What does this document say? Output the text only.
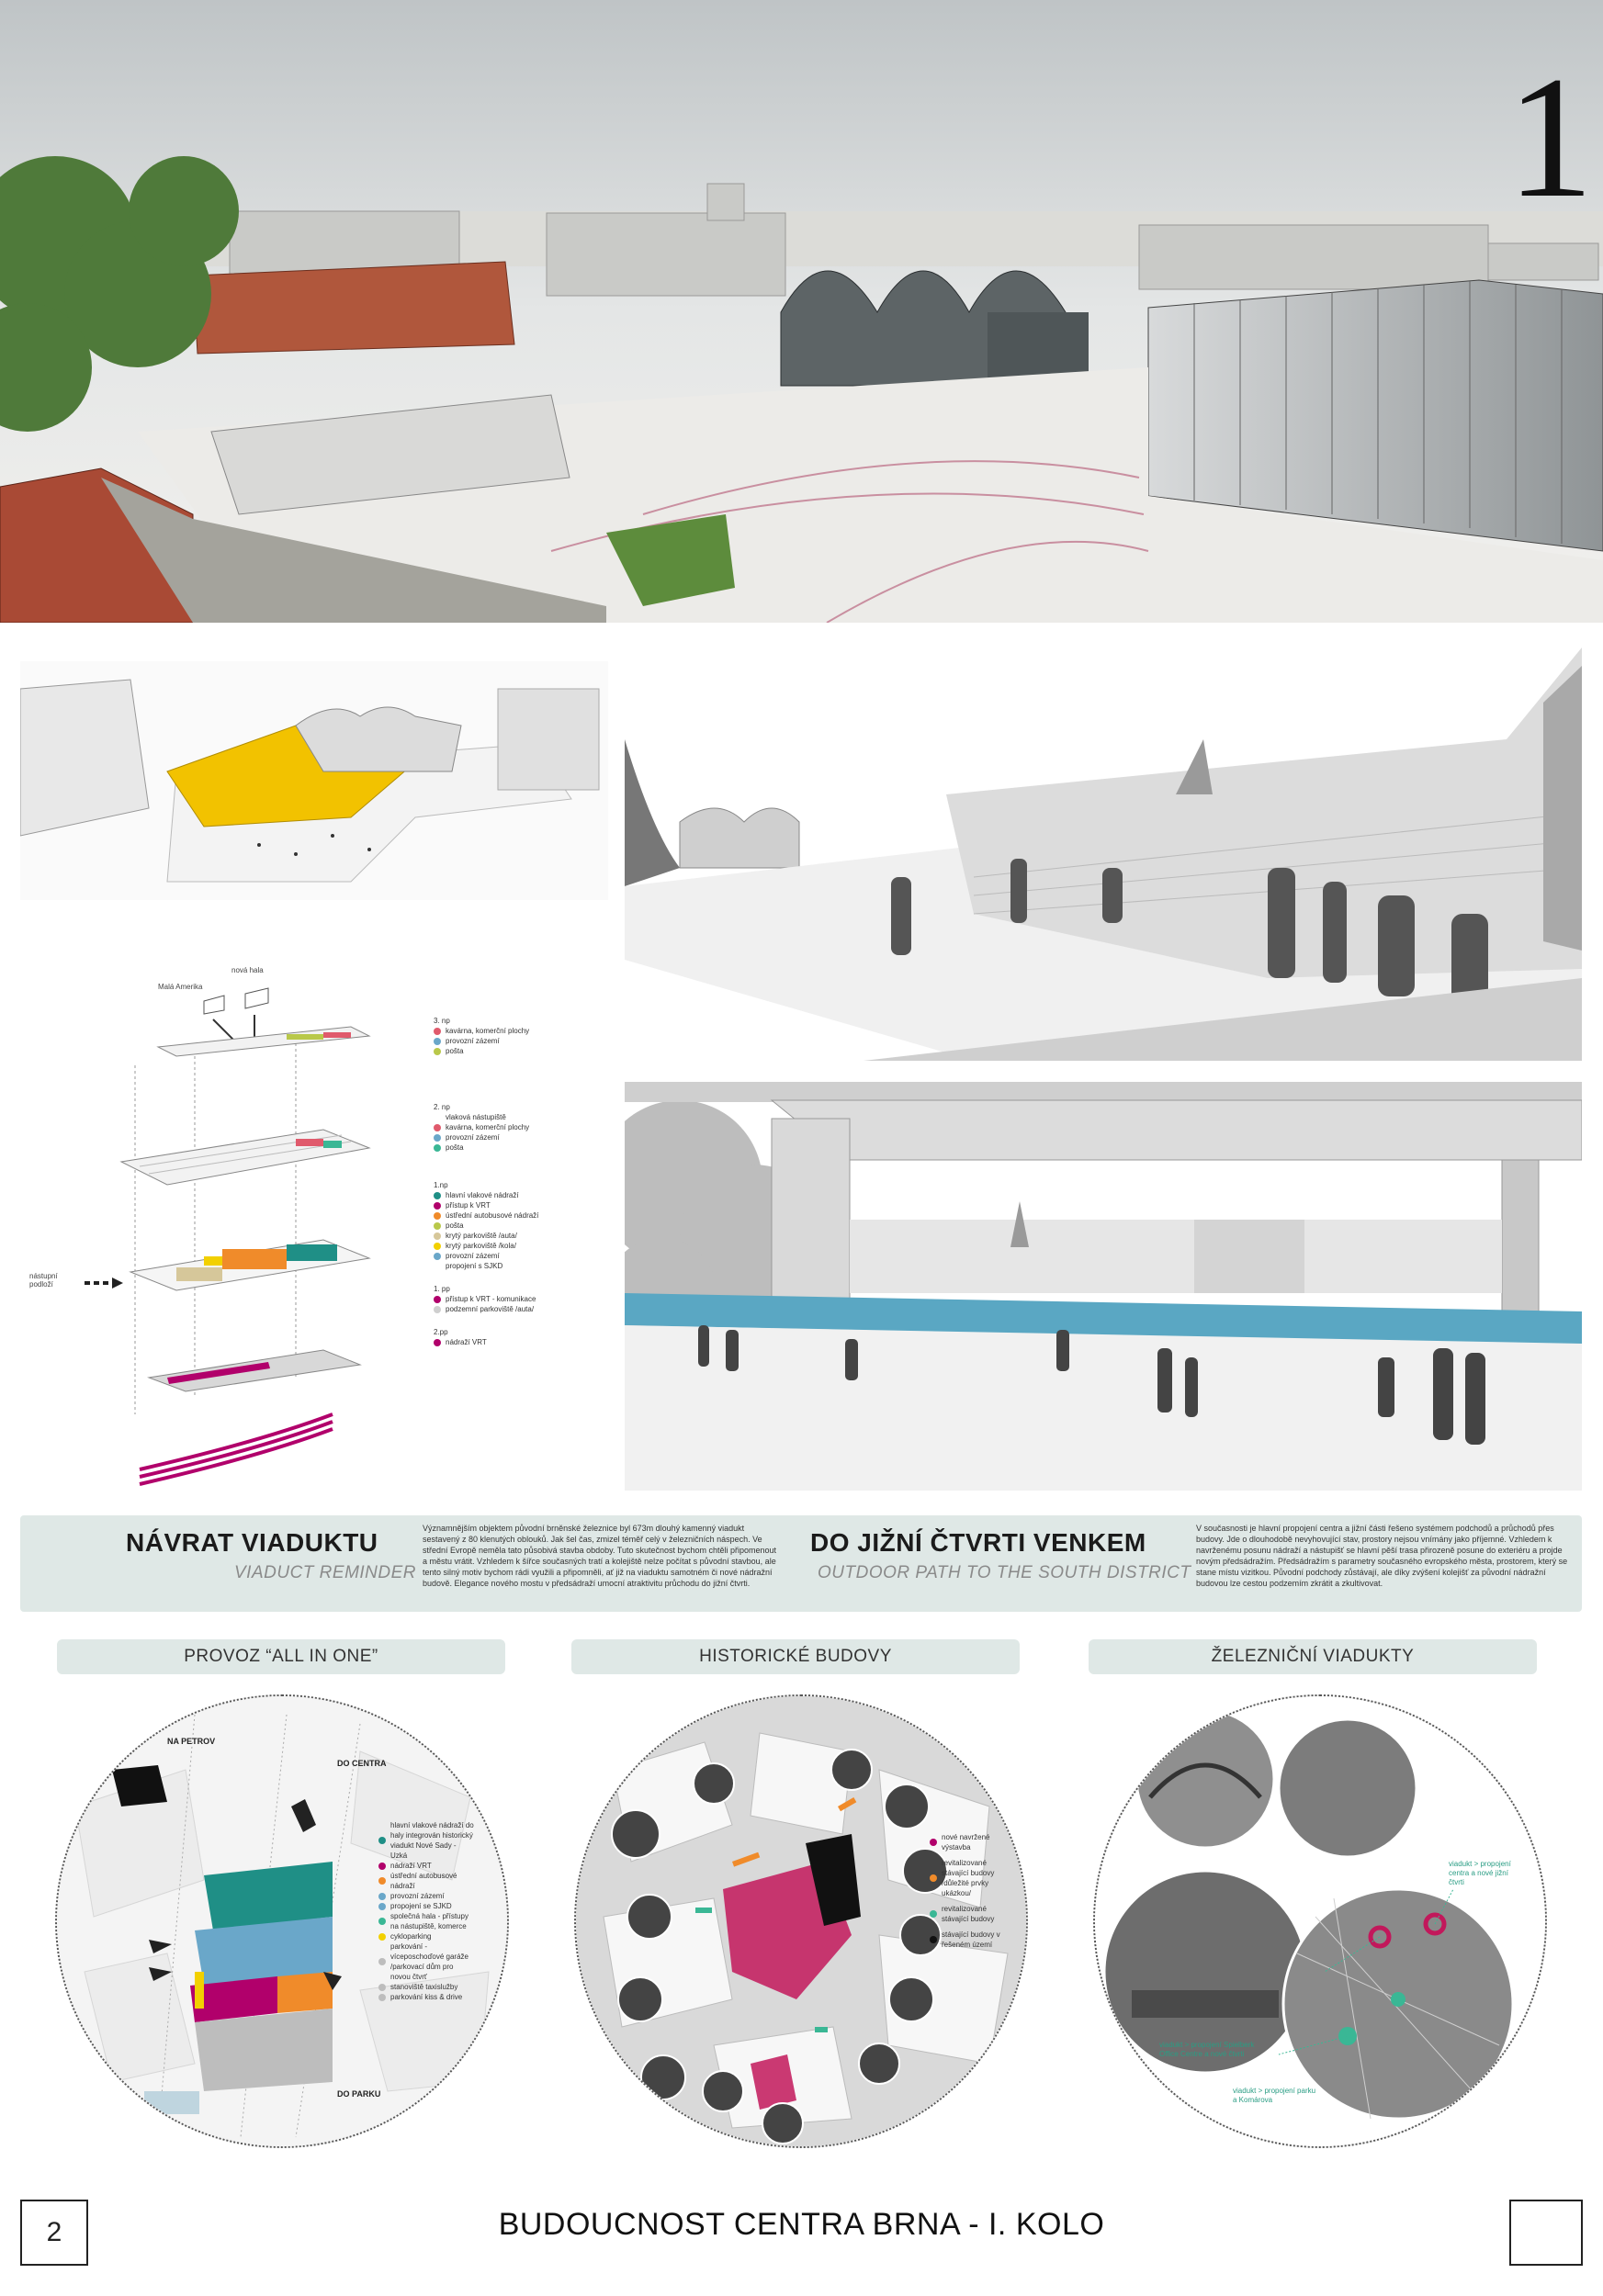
1
Malá Amerika
nová hala
nástupní podloží
3. np
kavárna, komerční plochy
provozní zázemí
pošta
2. np
vlaková nástupiště
kavárna, komerční plochy
provozní zázemí
pošta
1.np
hlavní vlakové nádraží
přístup k VRT
ústřední autobusové nádraží
pošta
krytý parkoviště /auta/
krytý parkoviště /kola/
provozní zázemí
propojení s SJKD
1. pp
přístup k VRT - komunikace
podzemní parkoviště /auta/
2.pp
nádraží VRT
NÁVRAT VIADUKTU
VIADUCT REMINDER
Významnějším objektem původní brněnské železnice byl 673m dlouhý kamenný viadukt sestavený z 80 klenutých oblouků. Jak šel čas, zmizel téměř celý v železničních náspech. Ve střední Evropě neměla tato působivá stavba obdoby. Tuto skutečnost bychom chtěli připomenout a městu vrátit. Vzhledem k šířce současných tratí a kolejiště nelze počítat s původní stavbou, ale tento silný motiv bychom rádi využili a připomněli, ať již na viaduktu samotném či nové nádražní budově. Elegance nového mostu v předsádraží umocní atraktivitu průchodu do jižní čtvrti.
DO JIŽNÍ ČTVRTI VENKEM
OUTDOOR PATH TO THE SOUTH DISTRICT
V současnosti je hlavní propojení centra a jižní části řešeno systémem podchodů a průchodů přes budovy. Jde o dlouhodobě nevyhovující stav, prostory nejsou vnímány jako příjemné. Vzhledem k navrženému posunu nádraží a nástupišť se hlavní pěší trasa přirozeně posune do exteriéru a projde novým předsádražím. Předsádražím s parametry současného evropského města, prostorem, který se stane místu vizitkou. Původní podchody zůstávají, ale díky zvýšení kolejišť za původní nádražní budovou lze cestou podzemím zkrátit a zkultivovat.
PROVOZ “ALL IN ONE”	HISTORICKÉ BUDOVY	ŽELEZNIČNÍ VIADUKTY
NA PETROV
DO CENTRA
DO PARKU
hlavní vlakové nádraží do haly integrován historický viadukt Nové Sady - Uzká
nádraží VRT
ústřední autobusové nádraží
provozní zázemí
propojení se SJKD
společná hala - přístupy na nástupiště, komerce
cykloparking
parkování - víceposchoďové garáže /parkovací dům pro novou čtvrť
stanoviště taxislužby
parkování kiss & drive
nové navržené výstavba
revitalizované stávající budovy /důležité prvky ukázkou/
revitalizované stávající budovy
stávající budovy v řešeném území
viadukt > propojení centra a nové jižní čtvrti
viadukt > propojení Spielberk Office Centre a nové čtvrti
viadukt > propojení parku a Komárova
2	BUDOUCNOST CENTRA BRNA - I. KOLO
